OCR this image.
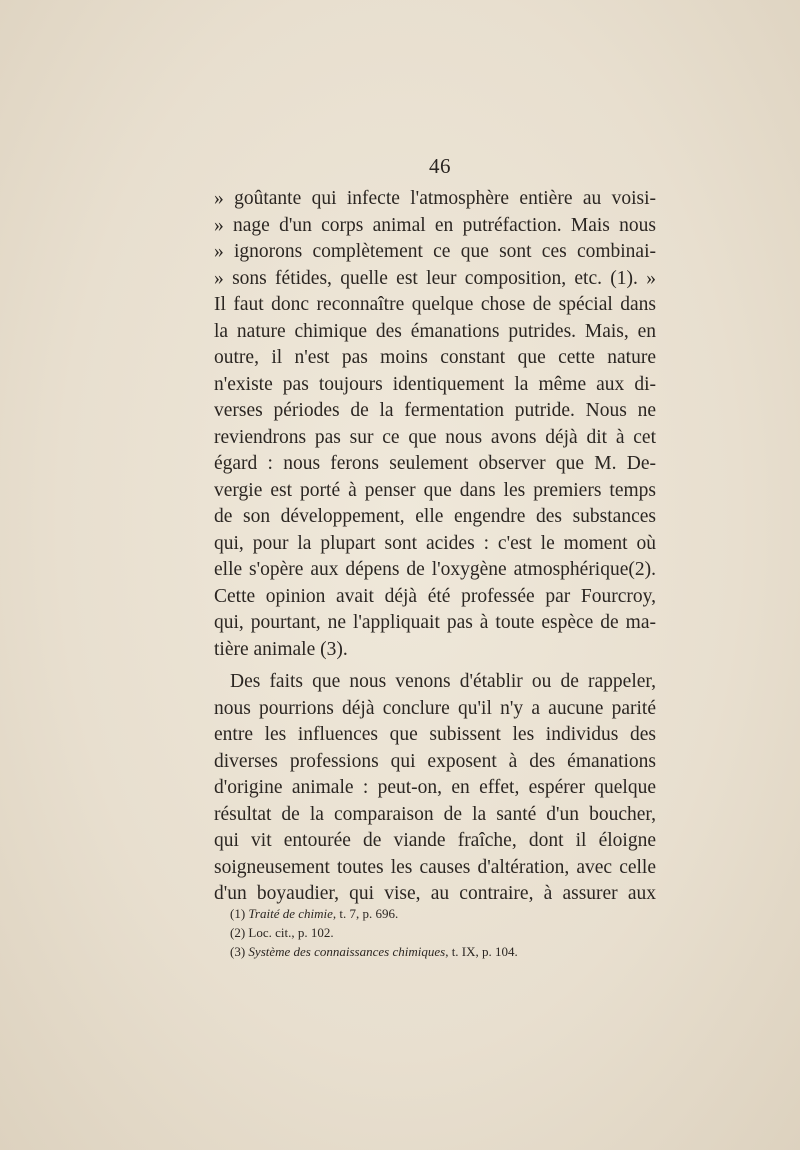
46
» goûtante qui infecte l'atmosphère entière au voisi-
» nage d'un corps animal en putréfaction. Mais nous
» ignorons complètement ce que sont ces combinai-
» sons fétides, quelle est leur composition, etc. (1). »
Il faut donc reconnaître quelque chose de spécial dans
la nature chimique des émanations putrides. Mais, en
outre, il n'est pas moins constant que cette nature
n'existe pas toujours identiquement la même aux di-
verses périodes de la fermentation putride. Nous ne
reviendrons pas sur ce que nous avons déjà dit à cet
égard : nous ferons seulement observer que M. De-
vergie est porté à penser que dans les premiers temps
de son développement, elle engendre des substances
qui, pour la plupart sont acides : c'est le moment où
elle s'opère aux dépens de l'oxygène atmosphérique(2).
Cette opinion avait déjà été professée par Fourcroy,
qui, pourtant, ne l'appliquait pas à toute espèce de ma-
tière animale (3).
Des faits que nous venons d'établir ou de rappeler,
nous pourrions déjà conclure qu'il n'y a aucune parité
entre les influences que subissent les individus des
diverses professions qui exposent à des émanations
d'origine animale : peut-on, en effet, espérer quelque
résultat de la comparaison de la santé d'un boucher,
qui vit entourée de viande fraîche, dont il éloigne
soigneusement toutes les causes d'altération, avec celle
d'un boyaudier, qui vise, au contraire, à assurer aux
(1) Traité de chimie, t. 7, p. 696.
(2) Loc. cit., p. 102.
(3) Système des connaissances chimiques, t. IX, p. 104.
